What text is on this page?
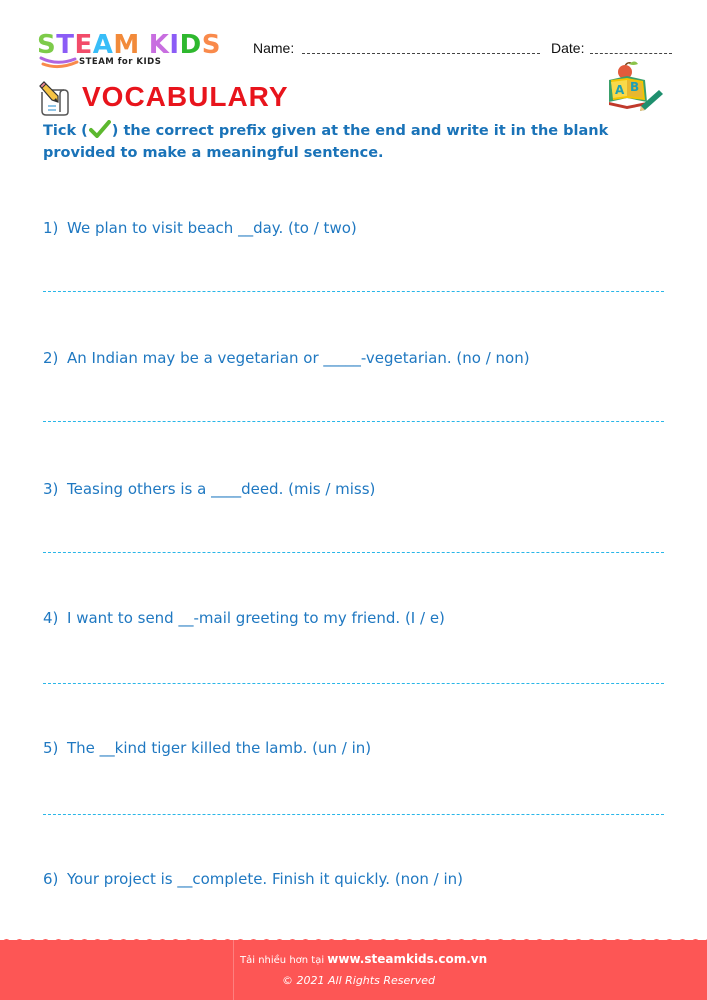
STEAM KIDS
STEAM for KIDS
Name:	Date:
A B
VOCABULARY
Tick ( ) the correct prefix given at the end and write it in the blank provided to make a meaningful sentence.
1) We plan to visit beach __day. (to / two)
2) An Indian may be a vegetarian or _____-vegetarian. (no / non)
3) Teasing others is a ____deed. (mis / miss)
4) I want to send __-mail greeting to my friend. (I / e)
5) The __kind tiger killed the lamb. (un / in)
6) Your project is __complete. Finish it quickly. (non / in)
Tải nhiều hơn tại www.steamkids.com.vn
© 2021 All Rights Reserved
